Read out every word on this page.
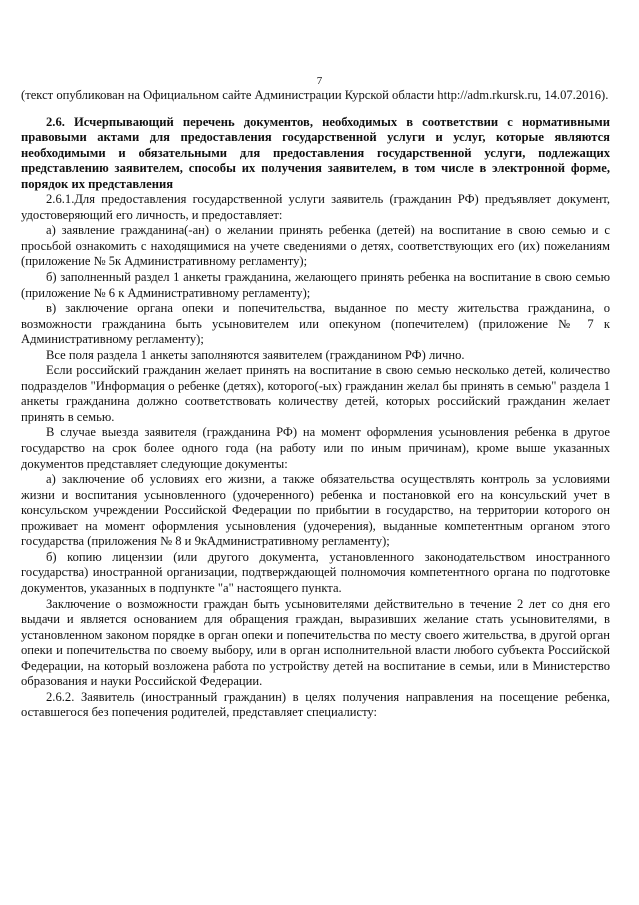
7

(текст опубликован на Официальном сайте Администрации Курской области http://adm.rkursk.ru, 14.07.2016).

2.6. Исчерпывающий перечень документов, необходимых в соответствии с нормативными правовыми актами для предоставления государственной услуги и услуг, которые являются необходимыми и обязательными для предоставления государственной услуги, подлежащих представлению заявителем, способы их получения заявителем, в том числе в электронной форме, порядок их представления

2.6.1.Для предоставления государственной услуги заявитель (гражданин РФ) предъявляет документ, удостоверяющий его личность, и предоставляет:

а) заявление гражданина(-ан) о желании принять ребенка (детей) на воспитание в свою семью и с просьбой ознакомить с находящимися на учете сведениями о детях, соответствующих его (их) пожеланиям (приложение № 5к Административному регламенту);

б) заполненный раздел 1 анкеты гражданина, желающего принять ребенка на воспитание в свою семью (приложение № 6 к Административному регламенту);

в) заключение органа опеки и попечительства, выданное по месту жительства гражданина, о возможности гражданина быть усыновителем или опекуном (попечителем) (приложение № 7 к Административному регламенту);

Все поля раздела 1 анкеты заполняются заявителем (гражданином РФ) лично.

Если российский гражданин желает принять на воспитание в свою семью несколько детей, количество подразделов "Информация о ребенке (детях), которого(-ых) гражданин желал бы принять в семью" раздела 1 анкеты гражданина должно соответствовать количеству детей, которых российский гражданин желает принять в семью.

В случае выезда заявителя (гражданина РФ) на момент оформления усыновления ребенка в другое государство на срок более одного года (на работу или по иным причинам), кроме выше указанных документов представляет следующие документы:

а) заключение об условиях его жизни, а также обязательства осуществлять контроль за условиями жизни и воспитания усыновленного (удочеренного) ребенка и постановкой его на консульский учет в консульском учреждении Российской Федерации по прибытии в государство, на территории которого он проживает на момент оформления усыновления (удочерения), выданные компетентным органом этого государства (приложения № 8 и 9кАдминистративному регламенту);

б) копию лицензии (или другого документа, установленного законодательством иностранного государства) иностранной организации, подтверждающей полномочия компетентного органа по подготовке документов, указанных в подпункте "а" настоящего пункта.

Заключение о возможности граждан быть усыновителями действительно в течение 2 лет со дня его выдачи и является основанием для обращения граждан, выразивших желание стать усыновителями, в установленном законом порядке в орган опеки и попечительства по месту своего жительства, в другой орган опеки и попечительства по своему выбору, или в орган исполнительной власти любого субъекта Российской Федерации, на который возложена работа по устройству детей на воспитание в семьи, или в Министерство образования и науки Российской Федерации.

2.6.2. Заявитель (иностранный гражданин) в целях получения направления на посещение ребенка, оставшегося без попечения родителей, представляет специалисту:
